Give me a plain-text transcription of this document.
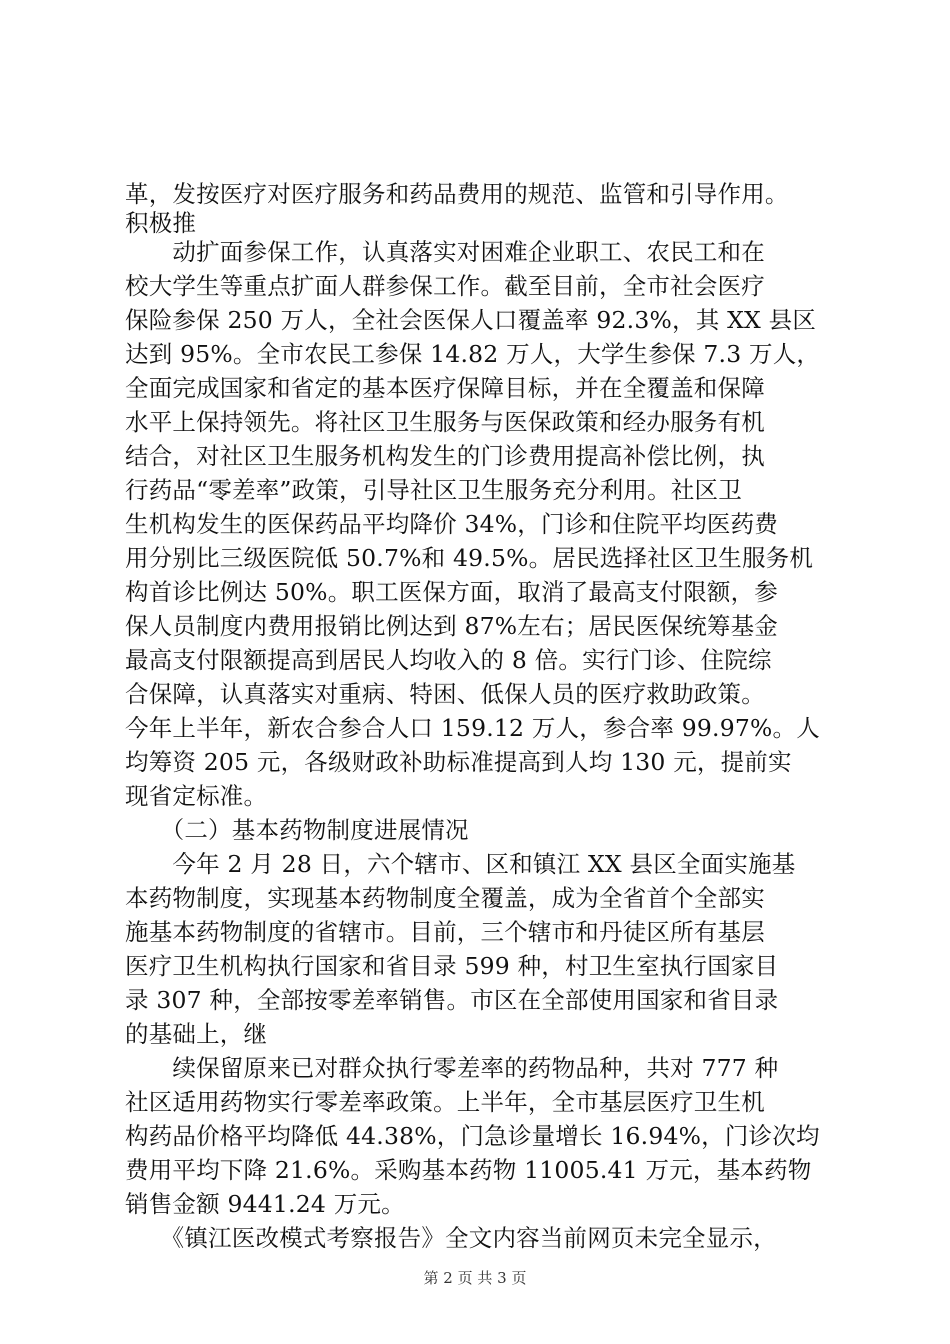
革，发按医疗对医疗服务和药品费用的规范、监管和引导作用。
积极推
　　动扩面参保工作，认真落实对困难企业职工、农民工和在
校大学生等重点扩面人群参保工作。截至目前，全市社会医疗
保险参保 250 万人，全社会医保人口覆盖率 92.3%，其 XX 县区
达到 95%。全市农民工参保 14.82 万人，大学生参保 7.3 万人，
全面完成国家和省定的基本医疗保障目标，并在全覆盖和保障
水平上保持领先。将社区卫生服务与医保政策和经办服务有机
结合，对社区卫生服务机构发生的门诊费用提高补偿比例，执
行药品“零差率”政策，引导社区卫生服务充分利用。社区卫
生机构发生的医保药品平均降价 34%，门诊和住院平均医药费
用分别比三级医院低 50.7%和 49.5%。居民选择社区卫生服务机
构首诊比例达 50%。职工医保方面，取消了最高支付限额，参
保人员制度内费用报销比例达到 87%左右；居民医保统筹基金
最高支付限额提高到居民人均收入的 8 倍。实行门诊、住院综
合保障，认真落实对重病、特困、低保人员的医疗救助政策。
今年上半年，新农合参合人口 159.12 万人，参合率 99.97%。人
均筹资 205 元，各级财政补助标准提高到人均 130 元，提前实
现省定标准。
　　（二）基本药物制度进展情况
　　今年 2 月 28 日，六个辖市、区和镇江 XX 县区全面实施基
本药物制度，实现基本药物制度全覆盖，成为全省首个全部实
施基本药物制度的省辖市。目前，三个辖市和丹徒区所有基层
医疗卫生机构执行国家和省目录 599 种，村卫生室执行国家目
录 307 种，全部按零差率销售。市区在全部使用国家和省目录
的基础上，继
　　续保留原来已对群众执行零差率的药物品种，共对 777 种
社区适用药物实行零差率政策。上半年，全市基层医疗卫生机
构药品价格平均降低 44.38%，门急诊量增长 16.94%，门诊次均
费用平均下降 21.6%。采购基本药物 11005.41 万元，基本药物
销售金额 9441.24 万元。
　　《镇江医改模式考察报告》全文内容当前网页未完全显示，
第 2 页 共 3 页
